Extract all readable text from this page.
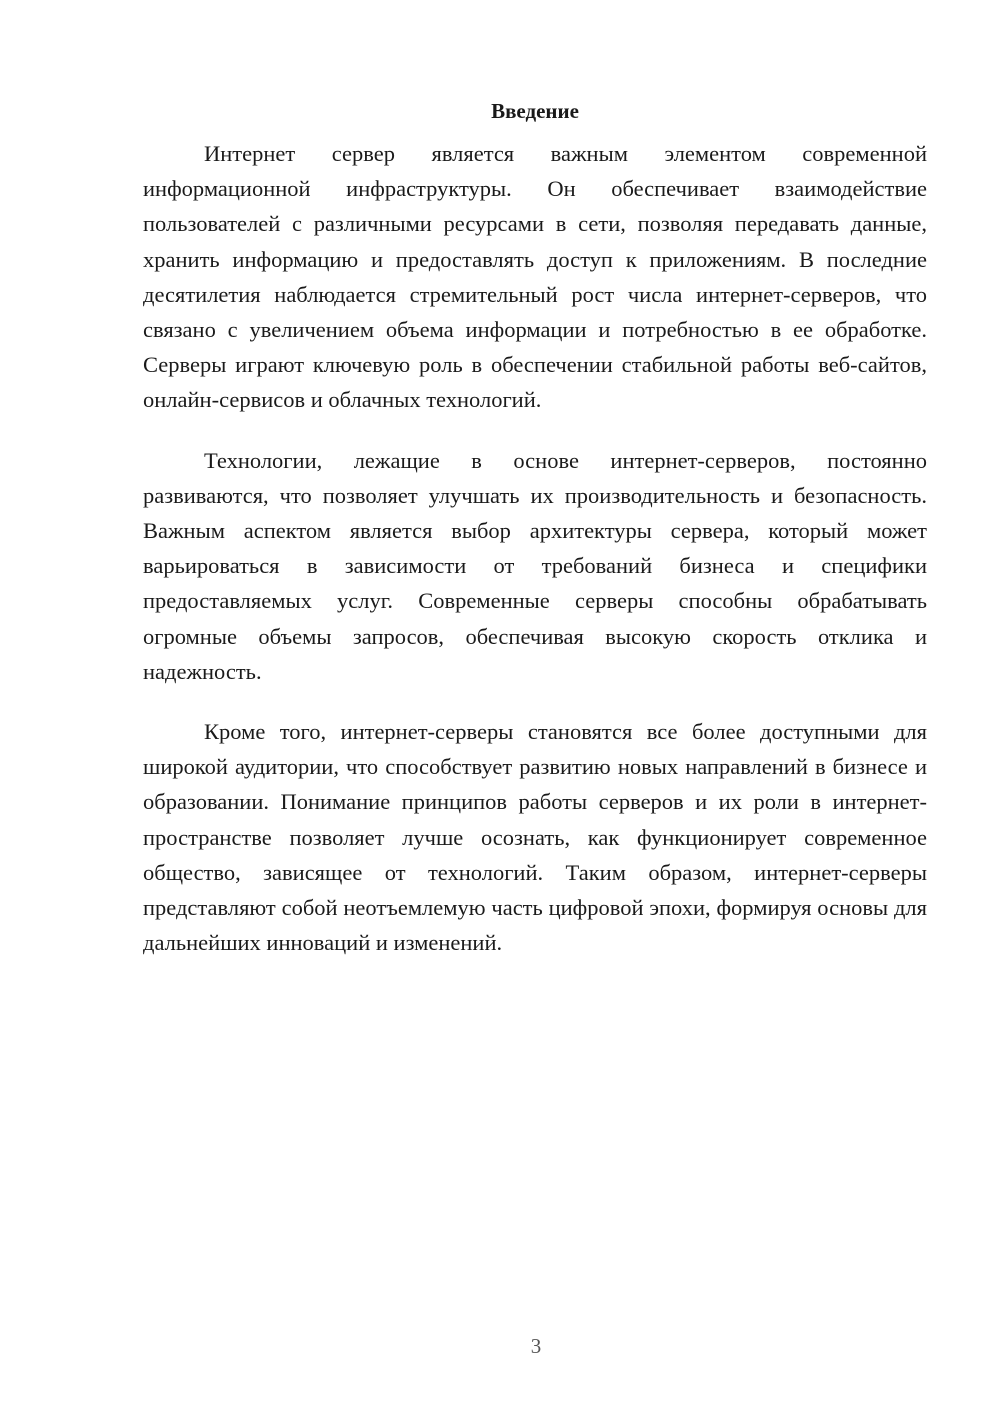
Введение

Интернет сервер является важным элементом современной информационной инфраструктуры. Он обеспечивает взаимодействие пользователей с различными ресурсами в сети, позволяя передавать данные, хранить информацию и предоставлять доступ к приложениям. В последние десятилетия наблюдается стремительный рост числа интернет-серверов, что связано с увеличением объема информации и потребностью в ее обработке. Серверы играют ключевую роль в обеспечении стабильной работы веб-сайтов, онлайн-сервисов и облачных технологий.

Технологии, лежащие в основе интернет-серверов, постоянно развиваются, что позволяет улучшать их производительность и безопасность. Важным аспектом является выбор архитектуры сервера, который может варьироваться в зависимости от требований бизнеса и специфики предоставляемых услуг. Современные серверы способны обрабатывать огромные объемы запросов, обеспечивая высокую скорость отклика и надежность.

Кроме того, интернет-серверы становятся все более доступными для широкой аудитории, что способствует развитию новых направлений в бизнесе и образовании. Понимание принципов работы серверов и их роли в интернет-пространстве позволяет лучше осознать, как функционирует современное общество, зависящее от технологий. Таким образом, интернет-серверы представляют собой неотъемлемую часть цифровой эпохи, формируя основы для дальнейших инноваций и изменений.

3
